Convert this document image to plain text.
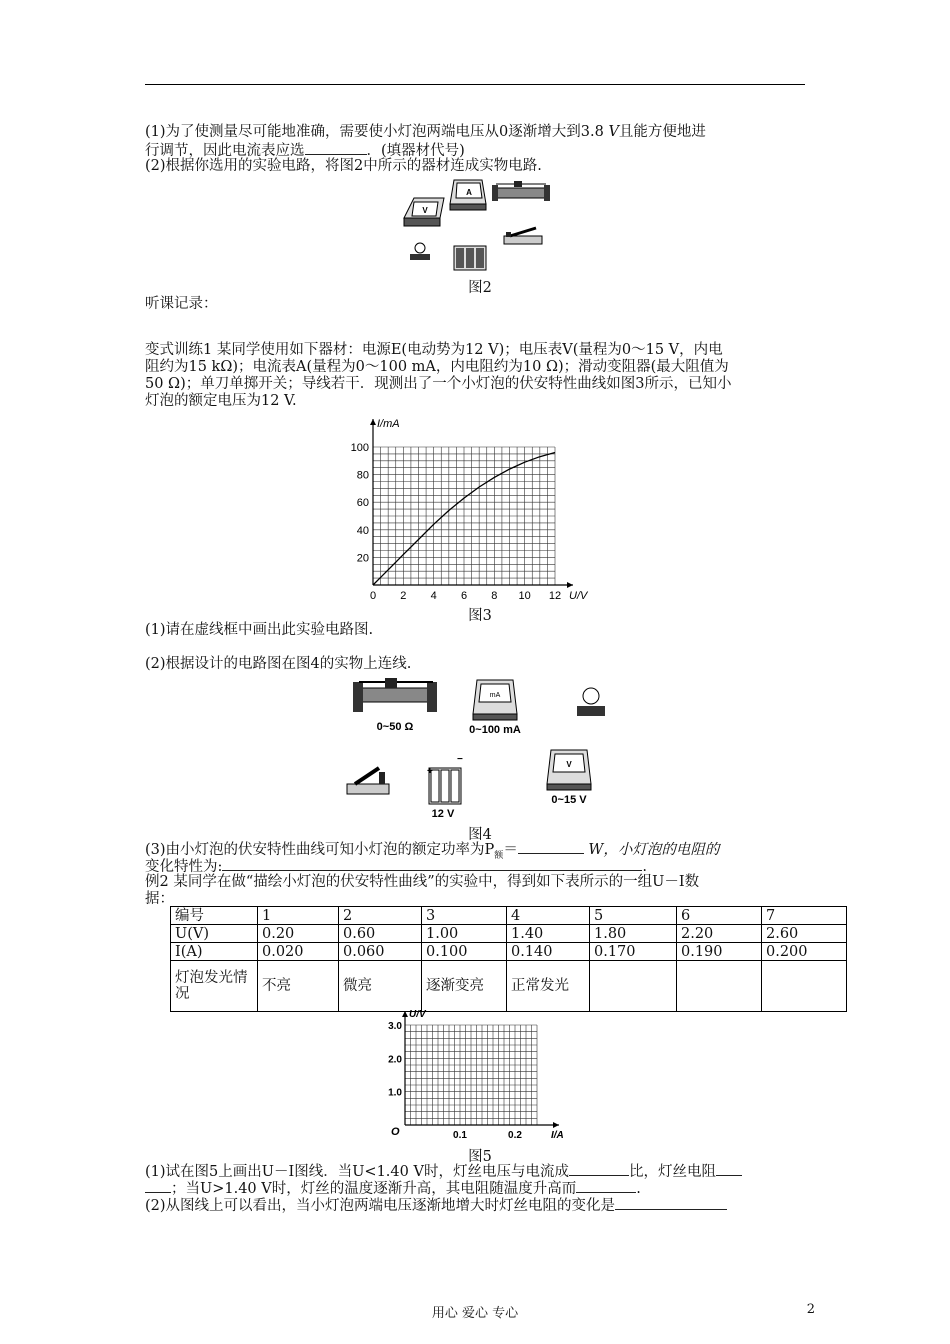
(1)为了使测量尽可能地准确，需要使小灯泡两端电压从0逐渐增大到3.8 V且能方便地进
行调节，因此电流表应选	．(填器材代号)
(2)根据你选用的实验电路，将图2中所示的器材连成实物电路.
V
A
图2
听课记录：
变式训练1 某同学使用如下器材：电源E(电动势为12 V)；电压表V(量程为0～15 V，内电
阻约为15 kΩ)；电流表A(量程为0～100 mA，内电阻约为10 Ω)；滑动变阻器(最大阻值为
50 Ω)；单刀单掷开关；导线若干．现测出了一个小灯泡的伏安特性曲线如图3所示，已知小
灯泡的额定电压为12 V.
0 2 4 6 8 10 12
20
40
60
80
100
U/V
I/mA
图3
(1)请在虚线框中画出此实验电路图.
(2)根据设计的电路图在图4的实物上连线.
0~50 Ω
mA
0~100 mA
+
−
12 V
V
0~15 V
图4
(3)由小灯泡的伏安特性曲线可知小灯泡的额定功率为$P_额=$	W，小灯泡的电阻的
变化特性为:	.
例2 某同学在做“描绘小灯泡的伏安特性曲线”的实验中，得到如下表所示的一组U－I数
据：
编号	1	2	3	4	5	6	7
U(V)	0.20	0.60	1.00	1.40	1.80	2.20	2.60
I(A)	0.020	0.060	0.100	0.140	0.170	0.190	0.200
灯泡发光情况	不亮	微亮	逐渐变亮	正常发光			
0.1	0.2
1.0
2.0
3.0
O	I/A
U/V
图5
(1)试在图5上画出U－I图线．当U<1.40 V时，灯丝电压与电流成	比，灯丝电阻
；当U>1.40 V时，灯丝的温度逐渐升高，其电阻随温度升高而	.
(2)从图线上可以看出，当小灯泡两端电压逐渐地增大时灯丝电阻的变化是
用心 爱心 专心	2
